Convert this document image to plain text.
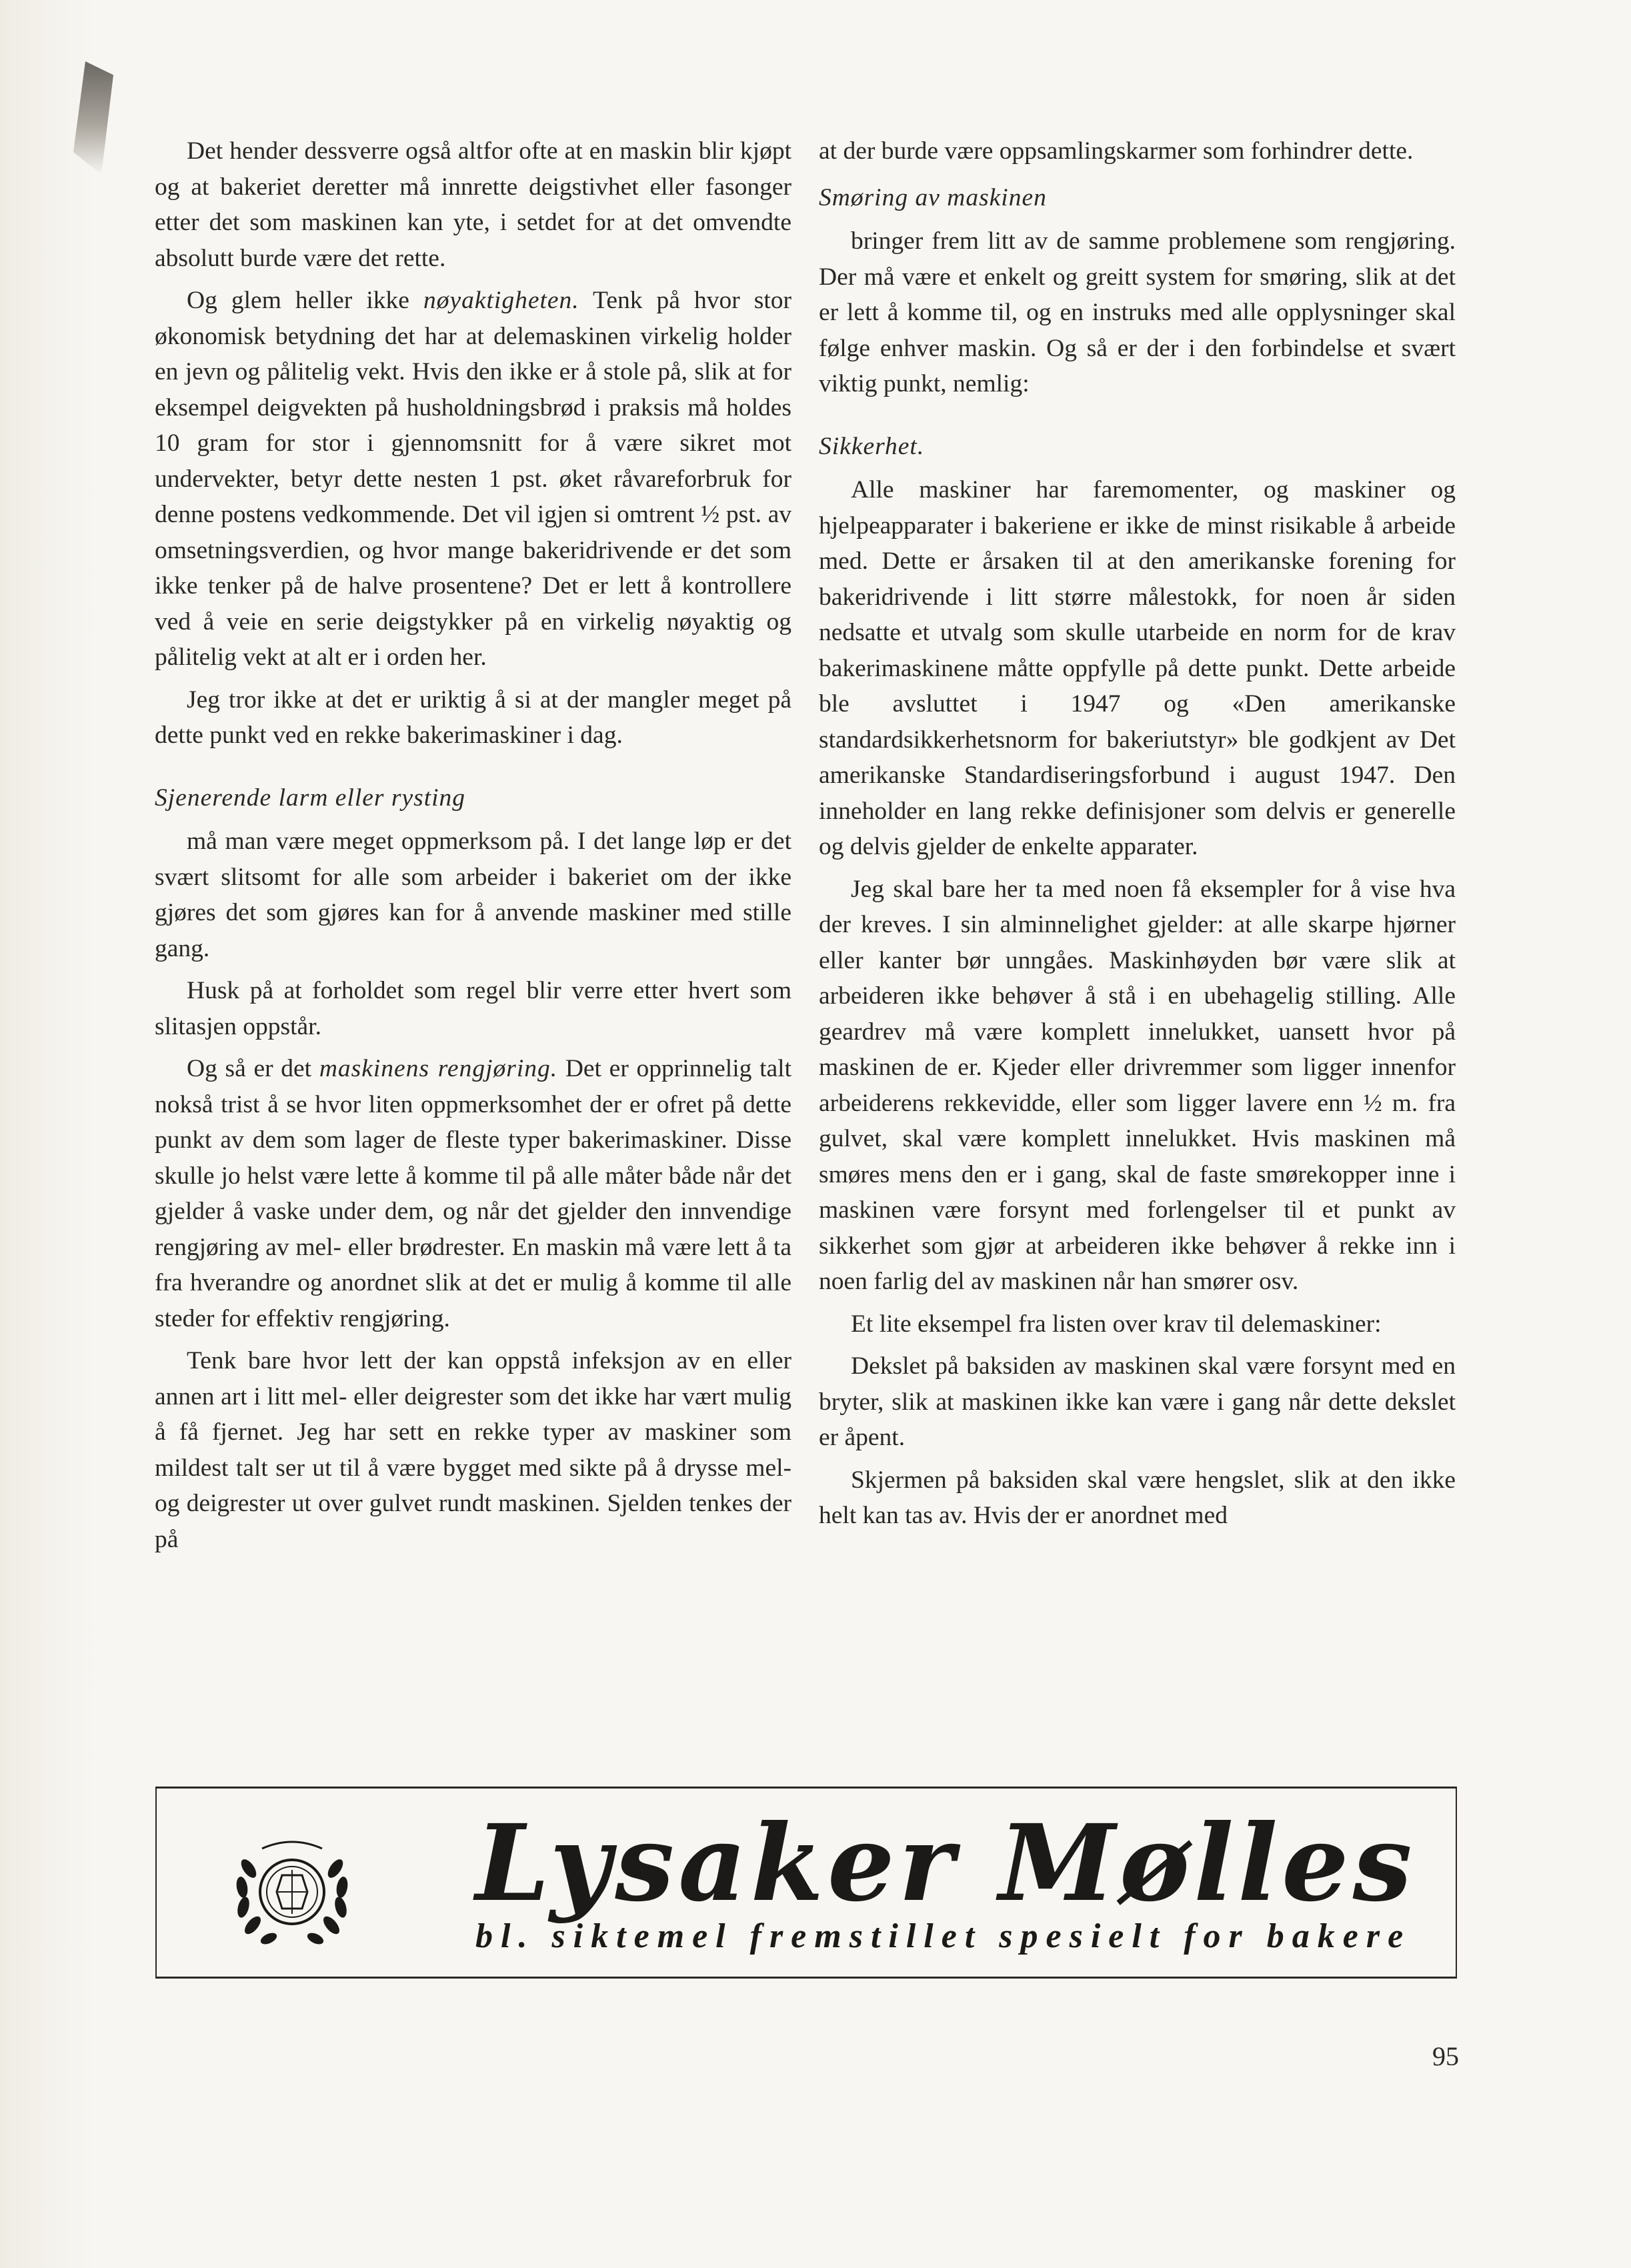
Det hender dessverre også altfor ofte at en maskin blir kjøpt og at bakeriet deretter må innrette deigstivhet eller fasonger etter det som maskinen kan yte, i setdet for at det omvendte absolutt burde være det rette.

Og glem heller ikke nøyaktigheten. Tenk på hvor stor økonomisk betydning det har at delemaskinen virkelig holder en jevn og pålitelig vekt. Hvis den ikke er å stole på, slik at for eksempel deigvekten på husholdningsbrød i praksis må holdes 10 gram for stor i gjennomsnitt for å være sikret mot undervekter, betyr dette nesten 1 pst. øket råvareforbruk for denne postens vedkommende. Det vil igjen si omtrent ½ pst. av omsetningsverdien, og hvor mange bakeridrivende er det som ikke tenker på de halve prosentene? Det er lett å kontrollere ved å veie en serie deigstykker på en virkelig nøyaktig og pålitelig vekt at alt er i orden her.

Jeg tror ikke at det er uriktig å si at der mangler meget på dette punkt ved en rekke bakerimaskiner i dag.

Sjenerende larm eller rysting

må man være meget oppmerksom på. I det lange løp er det svært slitsomt for alle som arbeider i bakeriet om der ikke gjøres det som gjøres kan for å anvende maskiner med stille gang.

Husk på at forholdet som regel blir verre etter hvert som slitasjen oppstår.

Og så er det maskinens rengjøring. Det er opprinnelig talt nokså trist å se hvor liten oppmerksomhet der er ofret på dette punkt av dem som lager de fleste typer bakerimaskiner. Disse skulle jo helst være lette å komme til på alle måter både når det gjelder å vaske under dem, og når det gjelder den innvendige rengjøring av mel- eller brødrester. En maskin må være lett å ta fra hverandre og anordnet slik at det er mulig å komme til alle steder for effektiv rengjøring.

Tenk bare hvor lett der kan oppstå infeksjon av en eller annen art i litt mel- eller deigrester som det ikke har vært mulig å få fjernet. Jeg har sett en rekke typer av maskiner som mildest talt ser ut til å være bygget med sikte på å drysse mel- og deigrester ut over gulvet rundt maskinen. Sjelden tenkes der på

at der burde være oppsamlingskarmer som forhindrer dette.

Smøring av maskinen

bringer frem litt av de samme problemene som rengjøring. Der må være et enkelt og greitt system for smøring, slik at det er lett å komme til, og en instruks med alle opplysninger skal følge enhver maskin. Og så er der i den forbindelse et svært viktig punkt, nemlig:

Sikkerhet.

Alle maskiner har faremomenter, og maskiner og hjelpeapparater i bakeriene er ikke de minst risikable å arbeide med. Dette er årsaken til at den amerikanske forening for bakeridrivende i litt større målestokk, for noen år siden nedsatte et utvalg som skulle utarbeide en norm for de krav bakerimaskinene måtte oppfylle på dette punkt. Dette arbeide ble avsluttet i 1947 og «Den amerikanske standardsikkerhetsnorm for bakeriutstyr» ble godkjent av Det amerikanske Standardiseringsforbund i august 1947. Den inneholder en lang rekke definisjoner som delvis er generelle og delvis gjelder de enkelte apparater.

Jeg skal bare her ta med noen få eksempler for å vise hva der kreves. I sin alminnelighet gjelder: at alle skarpe hjørner eller kanter bør unngåes. Maskinhøyden bør være slik at arbeideren ikke behøver å stå i en ubehagelig stilling. Alle geardrev må være komplett innelukket, uansett hvor på maskinen de er. Kjeder eller drivremmer som ligger innenfor arbeiderens rekkevidde, eller som ligger lavere enn ½ m. fra gulvet, skal være komplett innelukket. Hvis maskinen må smøres mens den er i gang, skal de faste smørekopper inne i maskinen være forsynt med forlengelser til et punkt av sikkerhet som gjør at arbeideren ikke behøver å rekke inn i noen farlig del av maskinen når han smører osv.

Et lite eksempel fra listen over krav til delemaskiner:

Dekslet på baksiden av maskinen skal være forsynt med en bryter, slik at maskinen ikke kan være i gang når dette dekslet er åpent.

Skjermen på baksiden skal være hengslet, slik at den ikke helt kan tas av. Hvis der er anordnet med

Lysaker Mølles
bl. siktemel fremstillet spesielt for bakere
95
